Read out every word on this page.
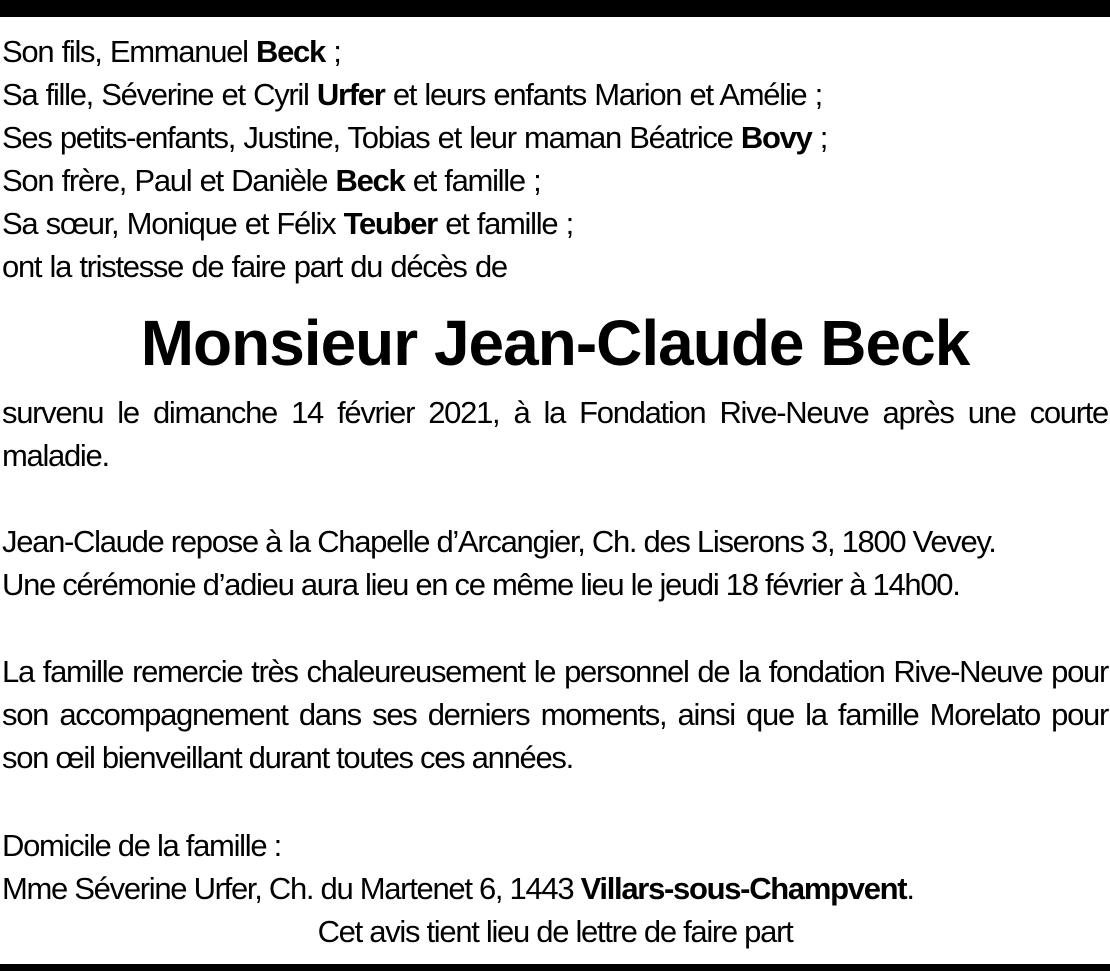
Son fils, Emmanuel Beck ;
Sa fille, Séverine et Cyril Urfer et leurs enfants Marion et Amélie ;
Ses petits-enfants, Justine, Tobias et leur maman Béatrice Bovy ;
Son frère, Paul et Danièle Beck et famille ;
Sa sœur, Monique et Félix Teuber et famille ;
ont la tristesse de faire part du décès de
Monsieur Jean-Claude Beck
survenu le dimanche 14 février 2021, à la Fondation Rive-Neuve après une courte maladie.
Jean-Claude repose à la Chapelle d’Arcangier, Ch. des Liserons 3, 1800 Vevey.
Une cérémonie d’adieu aura lieu en ce même lieu le jeudi 18 février à 14h00.
La famille remercie très chaleureusement le personnel de la fondation Rive-Neuve pour son accompagnement dans ses derniers moments, ainsi que la famille Morelato pour son œil bienveillant durant toutes ces années.
Domicile de la famille :
Mme Séverine Urfer, Ch. du Martenet 6, 1443 Villars-sous-Champvent.
Cet avis tient lieu de lettre de faire part
